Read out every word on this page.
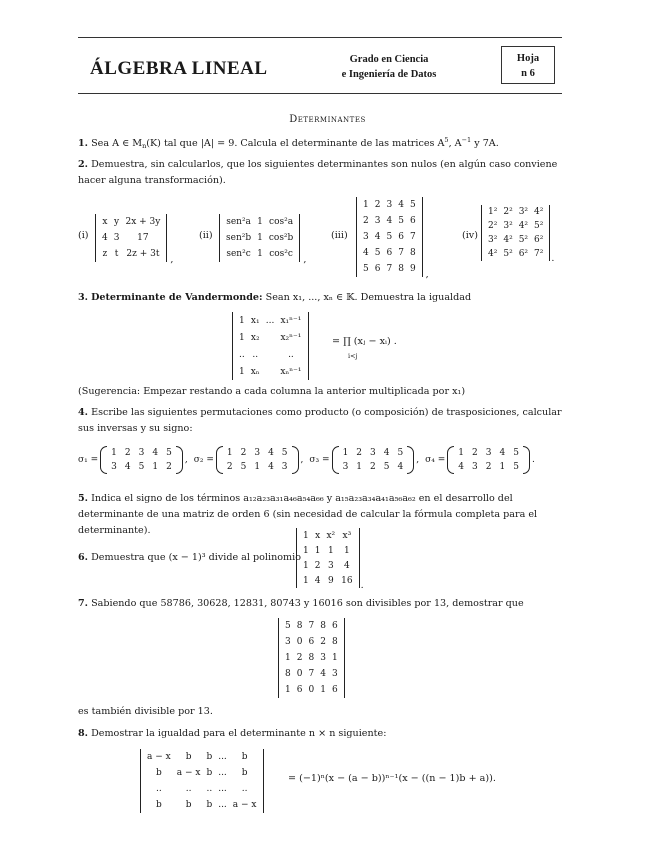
ÁLGEBRA LINEAL	Grado en Ciencia
e Ingeniería de Datos
Hoja
n 6
Determinantes
1. Sea A ∈ $M_n(K)$ tal que |A| = 9. Calcula el determinante de las matrices $A^5$, $A^{-1}$ y 7A.
2. Demuestra, sin calcularlos, que los siguientes determinantes son nulos (en algún caso conviene hacer alguna transformación).
(i)
x	y	2x + 3y
4	3	17
z	t	2z + 3t ,
(ii)
sen²a	1	cos²a
sen²b	1	cos²b
sen²c	1	cos²c ,
(iii)
1	2	3	4	5
2	3	4	5	6
3	4	5	6	7
4	5	6	7	8
5	6	7	8	9 ,
(iv)
1²	2²	3²	4²
2²	3²	4²	5²
3²	4²	5²	6²
4²	5²	6²	7² .
3. Determinante de Vandermonde: Sean x₁, ..., xₙ ∈ 𝕂. Demuestra la igualdad
1	x₁	...	x₁ⁿ⁻¹
1	x₂		x₂ⁿ⁻¹
..	..		..
1	xₙ		xₙⁿ⁻¹
= ∏ (xⱼ − xᵢ) .
i<j
(Sugerencia: Empezar restando a cada columna la anterior multiplicada por x₁)
4. Escribe las siguientes permutaciones como producto (o composición) de trasposiciones, calcular sus inversas y su signo:
σ₁ =
1	2	3	4	5
3	4	5	1	2
, σ₂ =
1	2	3	4	5
2	5	1	4	3
, σ₃ =
1	2	3	4	5
3	1	2	5	4
, σ₄ =
1	2	3	4	5
4	3	2	1	5
.
5. Indica el signo de los términos a₁₂a₂₃a₃₁a₄₆a₅₄a₆₆ y a₁₅a₂₃a₃₄a₄₁a₅₆a₆₂ en el desarrollo del determinante de una matriz de orden 6 (sin necesidad de calcular la fórmula completa para el determinante).
6. Demuestra que (x − 1)³ divide al polinomio
1	x	x²	x³
1	1	1	1
1	2	3	4
1	4	9	16 .
7. Sabiendo que 58786, 30628, 12831, 80743 y 16016 son divisibles por 13, demostrar que
5	8	7	8	6
3	0	6	2	8
1	2	8	3	1
8	0	7	4	3
1	6	0	1	6
es también divisible por 13.
8. Demostrar la igualdad para el determinante n × n siguiente:
a − x	b	b	...	b
b	a − x	b	...	b
..	..	..	...	..
b	b	b	...	a − x
= (−1)ⁿ(x − (a − b))ⁿ⁻¹(x − ((n − 1)b + a)).
